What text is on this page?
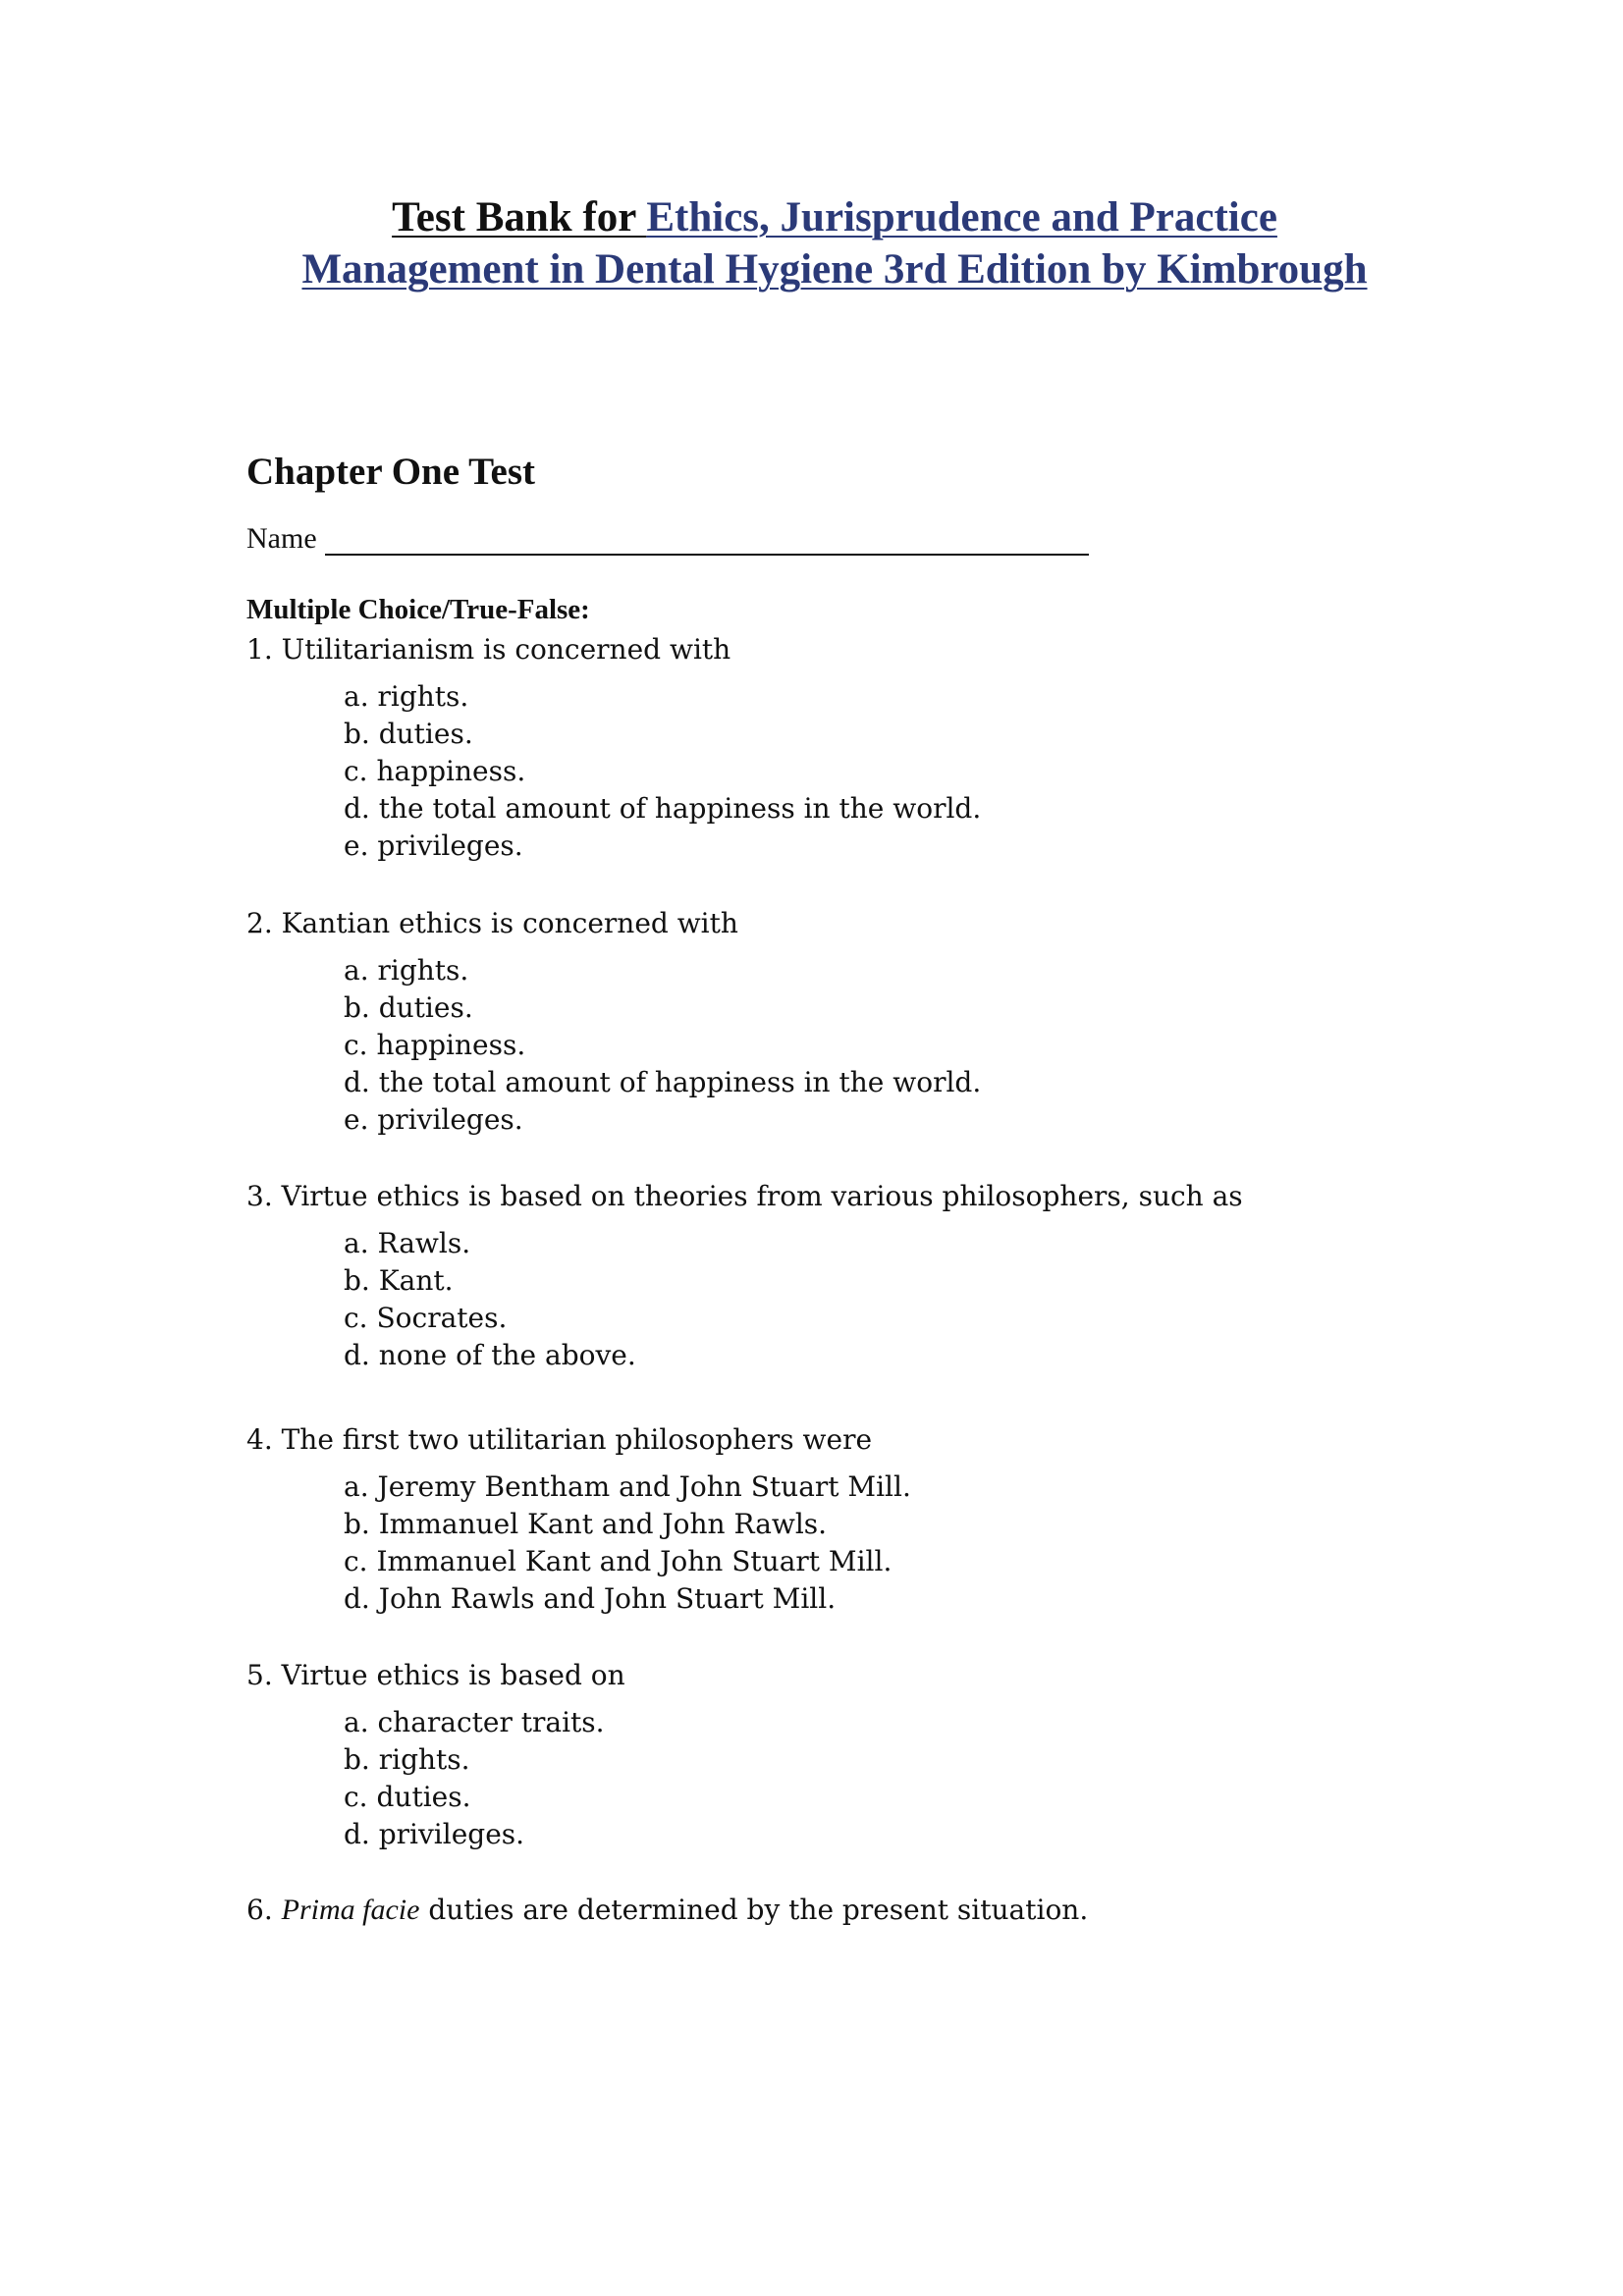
Test Bank for Ethics, Jurisprudence and Practice
Management in Dental Hygiene 3rd Edition by Kimbrough
Chapter One Test
Name
Multiple Choice/True-False:
1. Utilitarianism is concerned with
a. rights.
b. duties.
c. happiness.
d. the total amount of happiness in the world.
e. privileges.
2. Kantian ethics is concerned with
a. rights.
b. duties.
c. happiness.
d. the total amount of happiness in the world.
e. privileges.
3. Virtue ethics is based on theories from various philosophers, such as
a. Rawls.
b. Kant.
c. Socrates.
d. none of the above.
4. The first two utilitarian philosophers were
a. Jeremy Bentham and John Stuart Mill.
b. Immanuel Kant and John Rawls.
c. Immanuel Kant and John Stuart Mill.
d. John Rawls and John Stuart Mill.
5. Virtue ethics is based on
a. character traits.
b. rights.
c. duties.
d. privileges.
6. Prima facie duties are determined by the present situation.
